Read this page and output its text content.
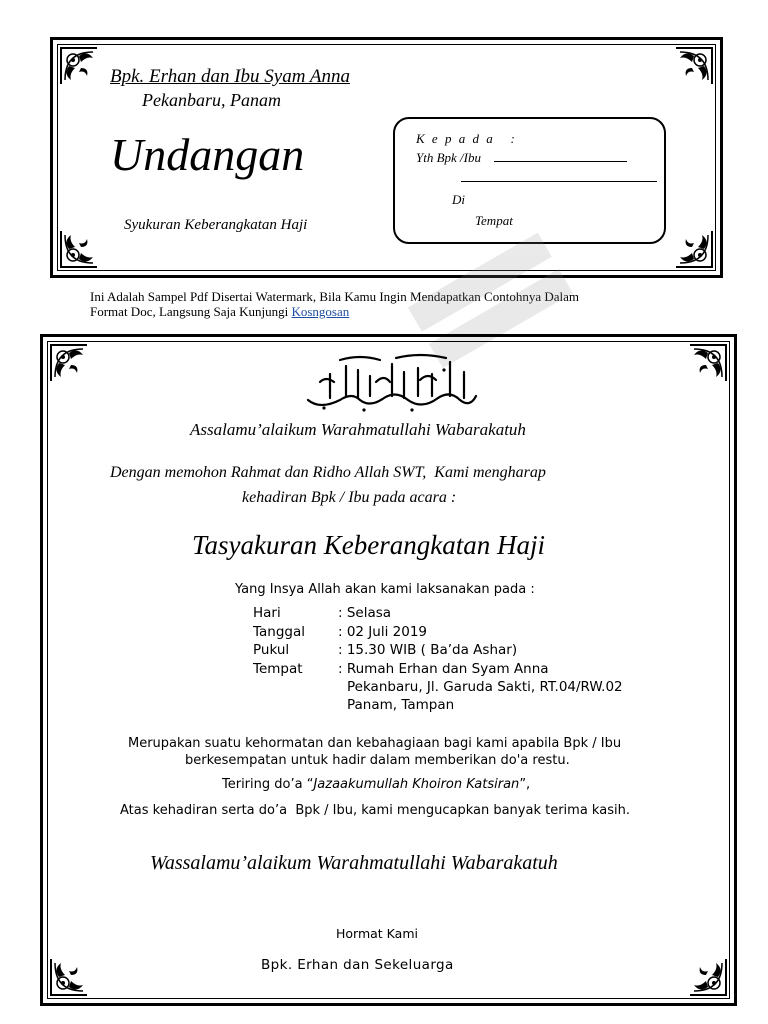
Bpk. Erhan dan Ibu Syam Anna
Pekanbaru, Panam
Undangan
Syukuran Keberangkatan Haji
K e p a d a   :
Yth Bpk /Ibu
Di
Tempat
Ini Adalah Sampel Pdf Disertai Watermark, Bila Kamu Ingin Mendapatkan Contohnya Dalam
Format Doc, Langsung Saja Kunjungi Kosngosan
Assalamu’alaikum Warahmatullahi Wabarakatuh
Dengan memohon Rahmat dan Ridho Allah SWT,  Kami mengharap
kehadiran Bpk / Ibu pada acara :
Tasyakuran Keberangkatan Haji
Yang Insya Allah akan kami laksanakan pada :
Hari	: Selasa
Tanggal	: 02 Juli 2019
Pukul	: 15.30 WIB ( Ba’da Ashar)
Tempat	: Rumah Erhan dan Syam Anna
Pekanbaru, Jl. Garuda Sakti, RT.04/RW.02
Panam, Tampan
Merupakan suatu kehormatan dan kebahagiaan bagi kami apabila Bpk / Ibu
berkesempatan untuk hadir dalam memberikan do'a restu.
Teriring do’a “Jazaakumullah Khoiron Katsiran”,
Atas kehadiran serta do’a  Bpk / Ibu, kami mengucapkan banyak terima kasih.
Wassalamu’alaikum Warahmatullahi Wabarakatuh
Hormat Kami
Bpk. Erhan dan Sekeluarga
